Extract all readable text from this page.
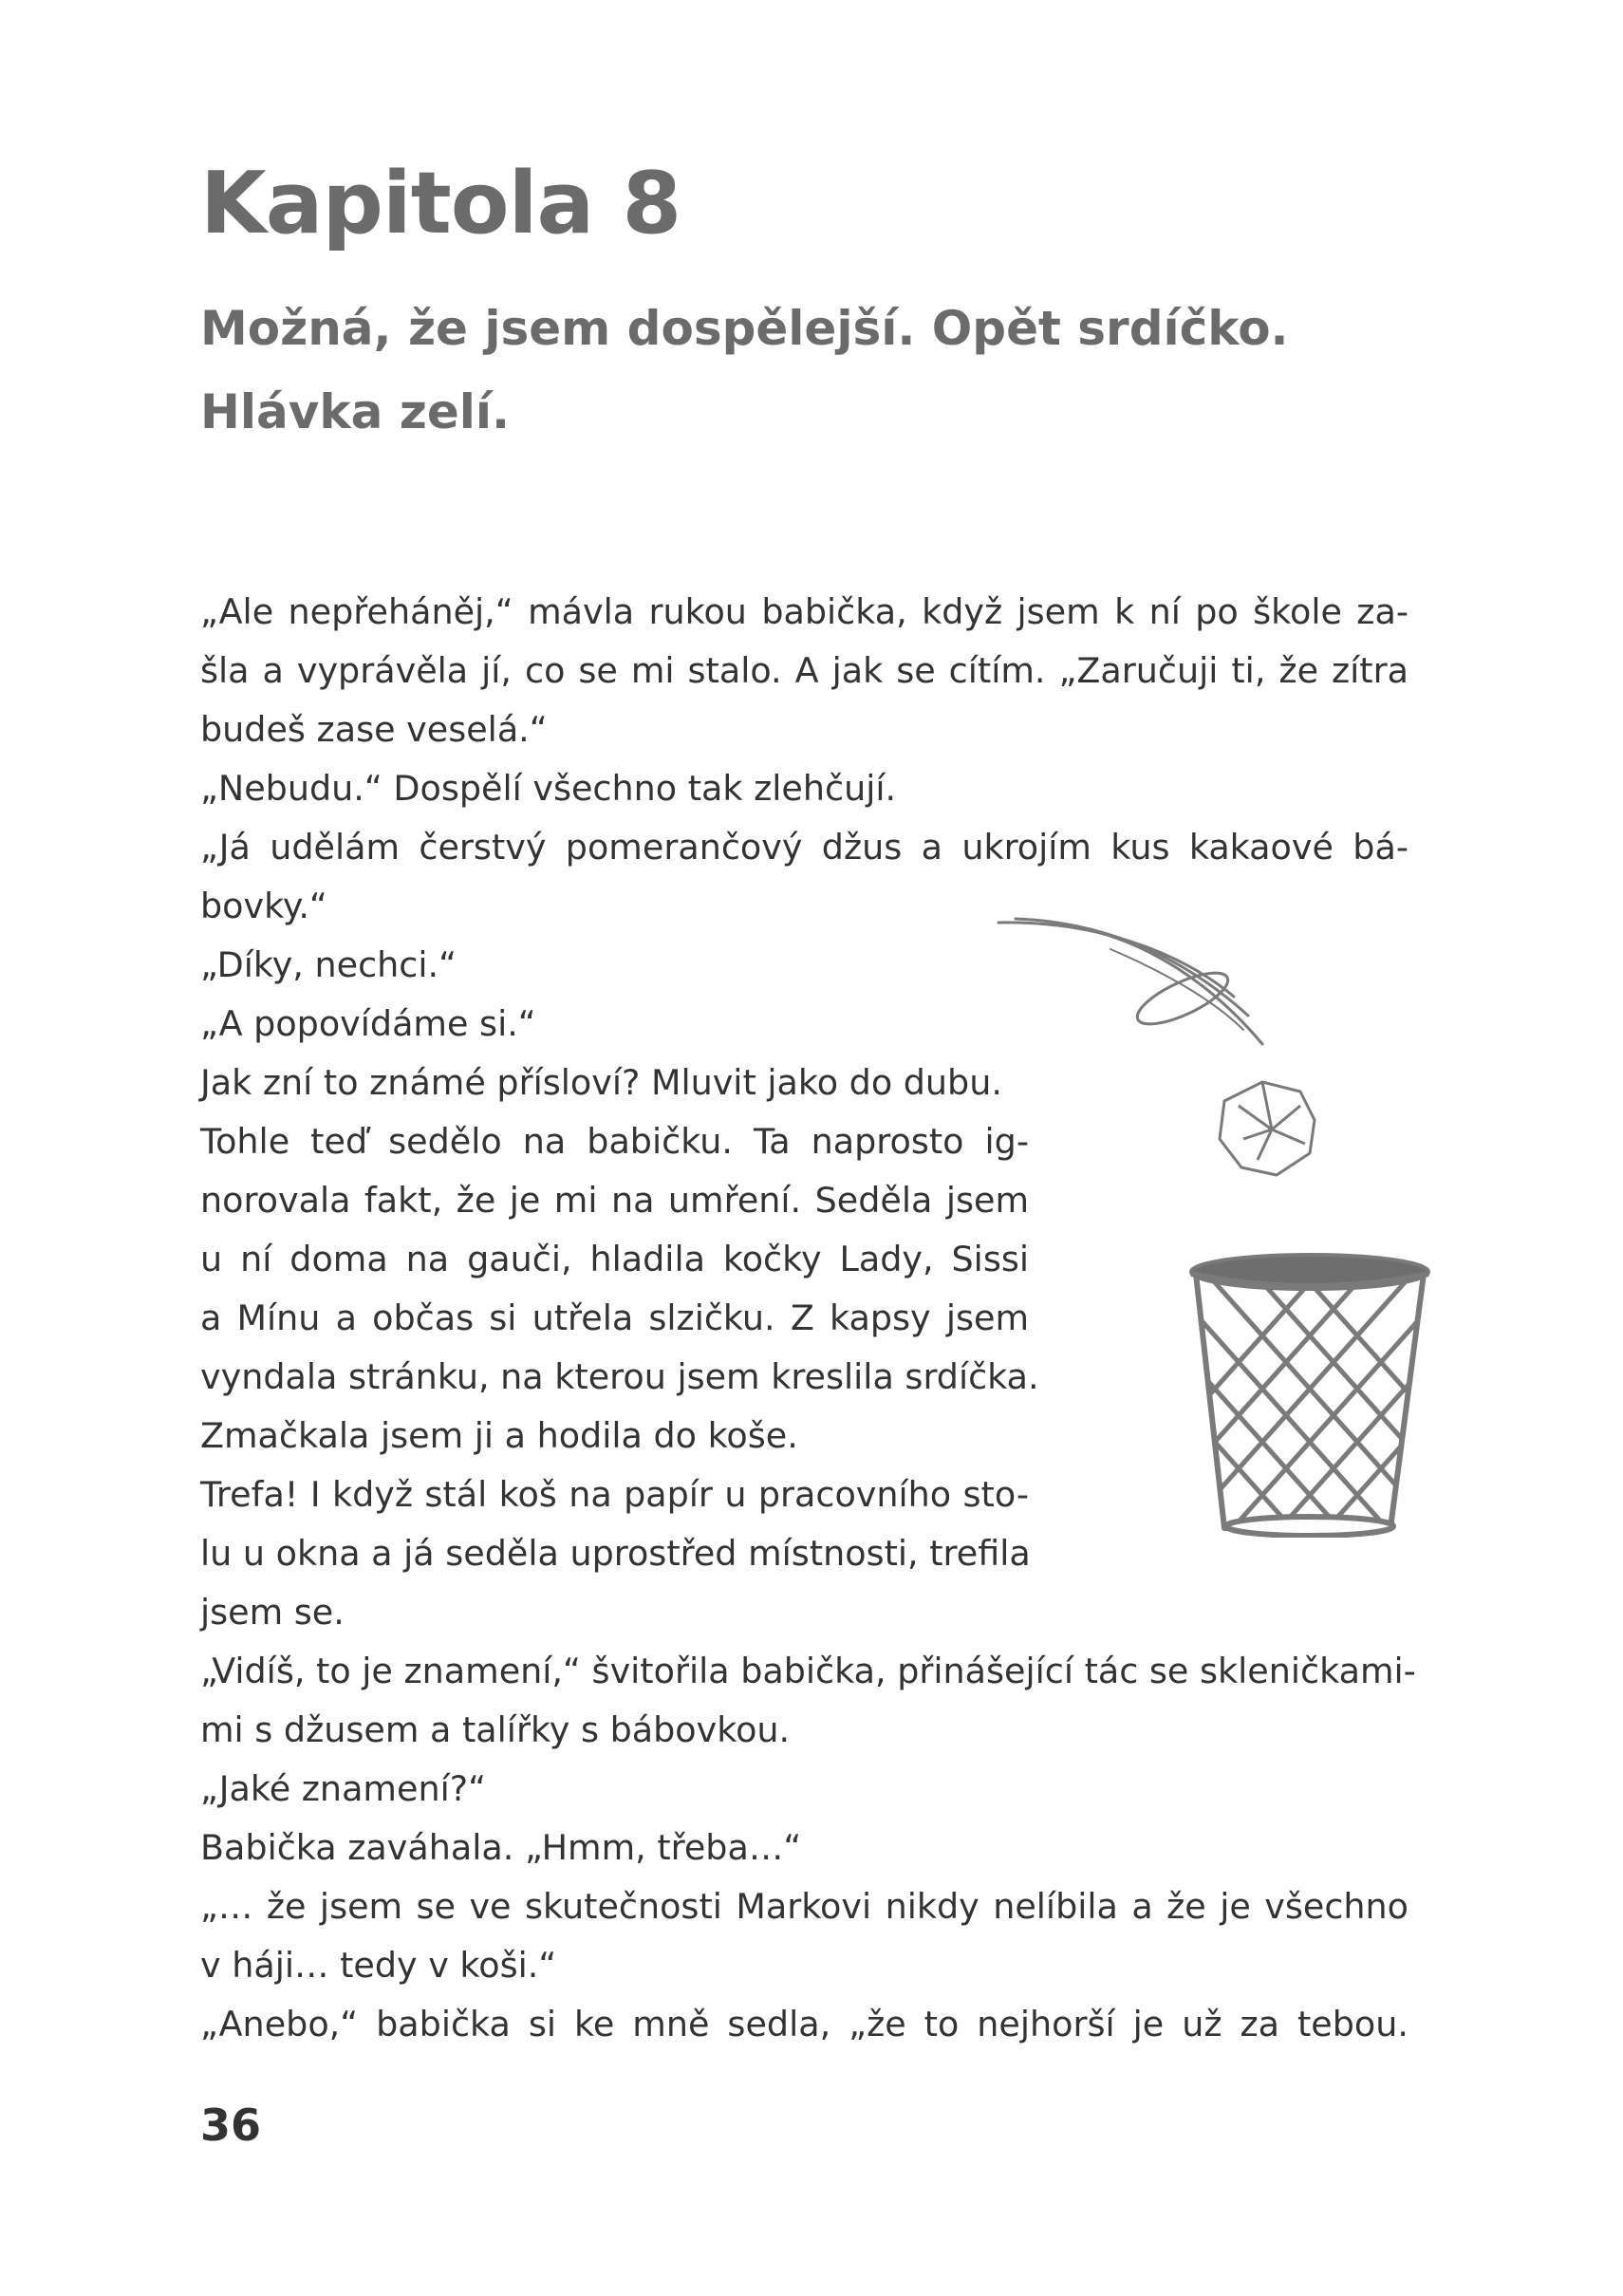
Kapitola 8
Možná, že jsem dospělejší. Opět srdíčko.
Hlávka zelí.
„Ale nepřeháněj,“ mávla rukou babička, když jsem k ní po škole za-
šla a vyprávěla jí, co se mi stalo. A jak se cítím. „Zaručuji ti, že zítra
budeš zase veselá.“
„Nebudu.“ Dospělí všechno tak zlehčují.
„Já udělám čerstvý pomerančový džus a ukrojím kus kakaové bá-
bovky.“
„Díky, nechci.“
„A popovídáme si.“
Jak zní to známé přísloví? Mluvit jako do dubu.
Tohle teď sedělo na babičku. Ta naprosto ig-
norovala fakt, že je mi na umření. Seděla jsem
u ní doma na gauči, hladila kočky Lady, Sissi
a Mínu a občas si utřela slzičku. Z kapsy jsem
vyndala stránku, na kterou jsem kreslila srdíčka.
Zmačkala jsem ji a hodila do koše.
Trefa! I když stál koš na papír u pracovního sto-
lu u okna a já seděla uprostřed místnosti, trefila
jsem se.
„Vidíš, to je znamení,“ švitořila babička, přinášející tác se skleničkami-
mi s džusem a talířky s bábovkou.
„Jaké znamení?“
Babička zaváhala. „Hmm, třeba…“
„… že jsem se ve skutečnosti Markovi nikdy nelíbila a že je všechno
v háji… tedy v koši.“
„Anebo,“ babička si ke mně sedla, „že to nejhorší je už za tebou.
36
